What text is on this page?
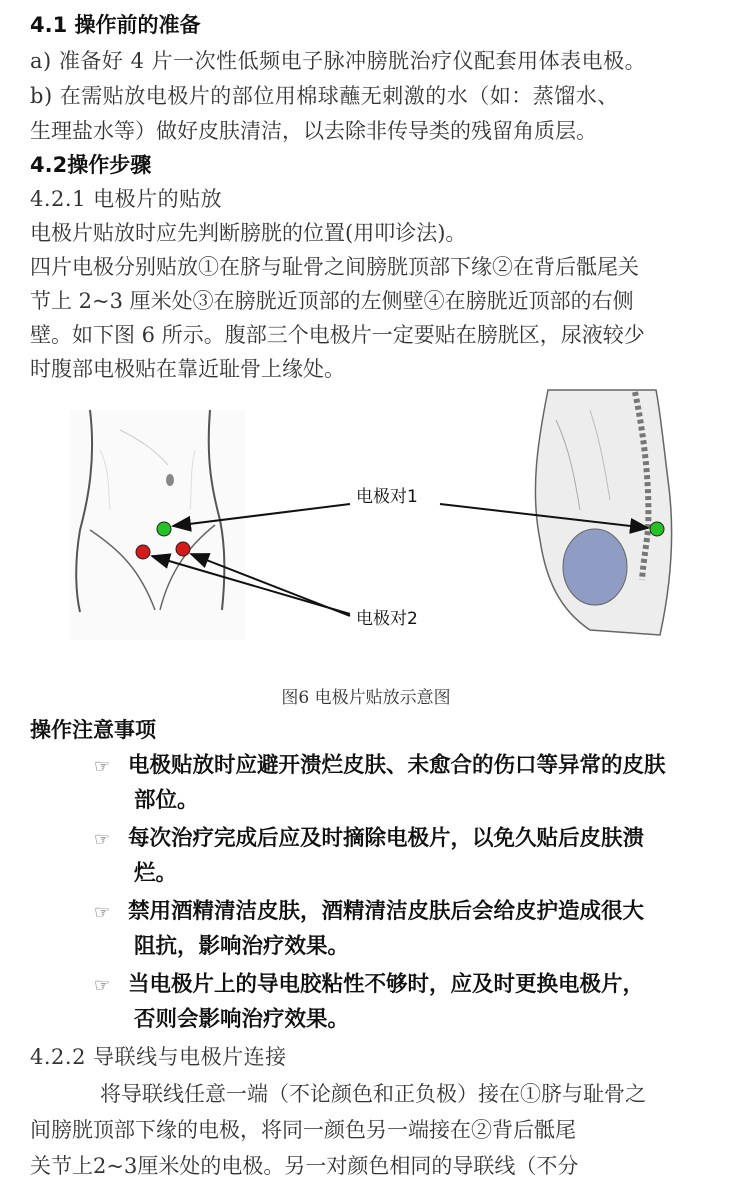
4.1 操作前的准备
a) 准备好 4 片一次性低频电子脉冲膀胱治疗仪配套用体表电极。
b) 在需贴放电极片的部位用棉球蘸无刺激的水（如：蒸馏水、
生理盐水等）做好皮肤清洁，以去除非传导类的残留角质层。
4.2操作步骤
4.2.1 电极片的贴放
电极片贴放时应先判断膀胱的位置(用叩诊法)。
四片电极分别贴放①在脐与耻骨之间膀胱顶部下缘②在背后骶尾关
节上 2~3 厘米处③在膀胱近顶部的左侧壁④在膀胱近顶部的右侧
壁。如下图 6 所示。腹部三个电极片一定要贴在膀胱区，尿液较少
时腹部电极贴在靠近耻骨上缘处。
电极对1
电极对2
图6 电极片贴放示意图
操作注意事项
☞ 电极贴放时应避开溃烂皮肤、未愈合的伤口等异常的皮肤
部位。
☞ 每次治疗完成后应及时摘除电极片，以免久贴后皮肤溃
烂。
☞ 禁用酒精清洁皮肤，酒精清洁皮肤后会给皮护造成很大
阻抗，影响治疗效果。
☞ 当电极片上的导电胶粘性不够时，应及时更换电极片，
否则会影响治疗效果。
4.2.2 导联线与电极片连接
将导联线任意一端（不论颜色和正负极）接在①脐与耻骨之
间膀胱顶部下缘的电极，将同一颜色另一端接在②背后骶尾
关节上2~3厘米处的电极。另一对颜色相同的导联线（不分
